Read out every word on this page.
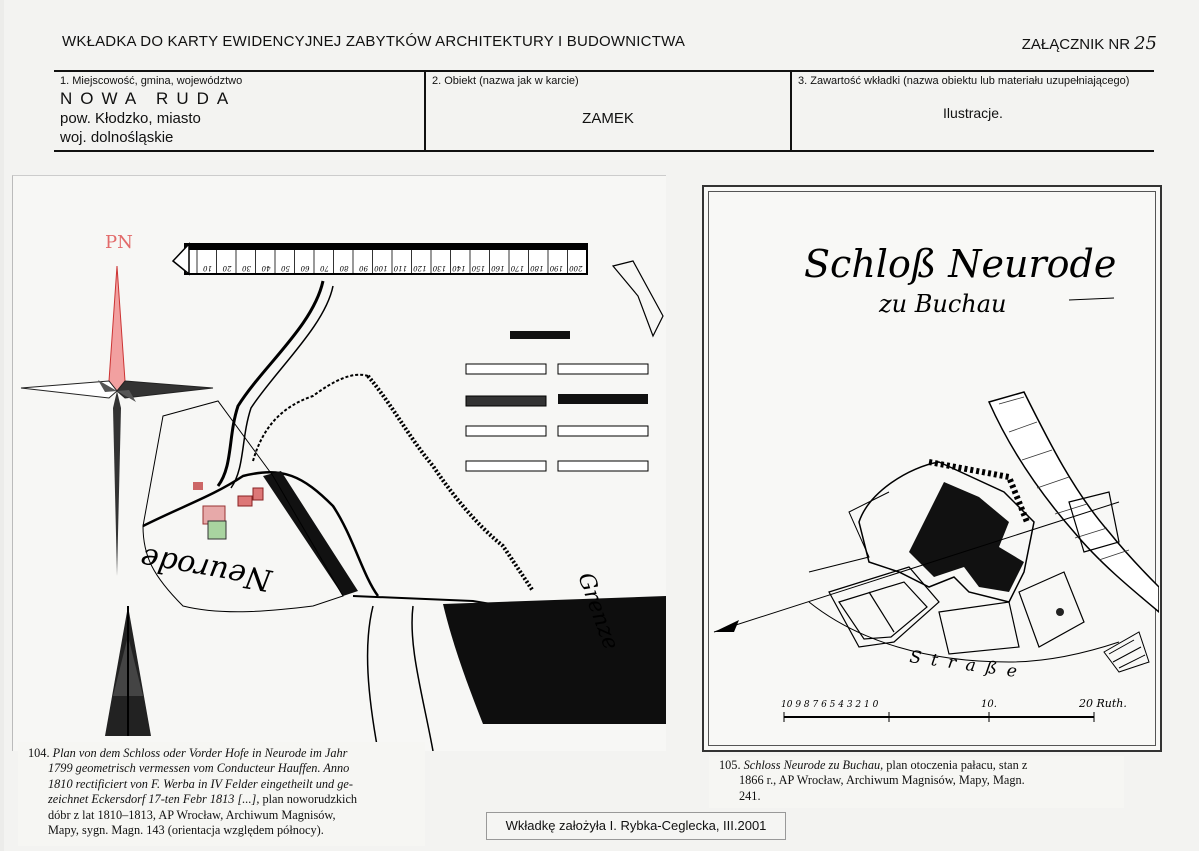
WKŁADKA DO KARTY EWIDENCYJNEJ ZABYTKÓW ARCHITEKTURY I BUDOWNICTWA	ZAŁĄCZNIK NR 25
1. Miejscowość, gmina, województwo
NOWA RUDA
pow. Kłodzko, miasto
woj. dolnośląskie
2. Obiekt (nazwa jak w karcie)
ZAMEK
3. Zawartość wkładki (nazwa obiektu lub materiału uzupełniającego)
Ilustracje.
PN
10 20 30 40 50 60 70 80 90 100 110 120 130 140 150 160 170 180 190 200
Neurode
Grenze
Schloß Neurode
zu Buchau
Straße
10 9 8 7 6 5 4 3 2 1 0	10.	20 Ruth.

104. Plan von dem Schloss oder Vorder Hofe in Neurode im Jahr

1799 geometrisch vermessen vom Conducteur Hauffen. Anno

1810 rectificiert von F. Werba in IV Felder eingetheilt und ge-

zeichnet Eckersdorf 17-ten Febr 1813 [...], plan noworudzkich

dóbr z lat 1810–1813, AP Wrocław, Archiwum Magnisów,

Mapy, sygn. Magn. 143 (orientacja względem północy).

105. Schloss Neurode zu Buchau, plan otoczenia pałacu, stan z

1866 r., AP Wrocław, Archiwum Magnisów, Mapy, Magn.

241.

Wkładkę założyła I. Rybka-Ceglecka, III.2001
